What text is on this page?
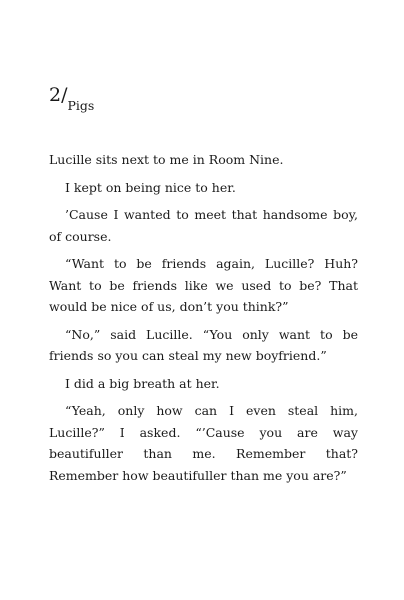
$2/_{Pigs}$

Lucille sits next to me in Room Nine.

I kept on being nice to her.

’Cause I wanted to meet that handsome boy, of course.

“Want to be friends again, Lucille? Huh? Want to be friends like we used to be? That would be nice of us, don’t you think?”

“No,” said Lucille. “You only want to be friends so you can steal my new boyfriend.”

I did a big breath at her.

“Yeah, only how can I even steal him, Lucille?” I asked. “’Cause you are way beautifuller than me. Remember that? Remember how beautifuller than me you are?”
